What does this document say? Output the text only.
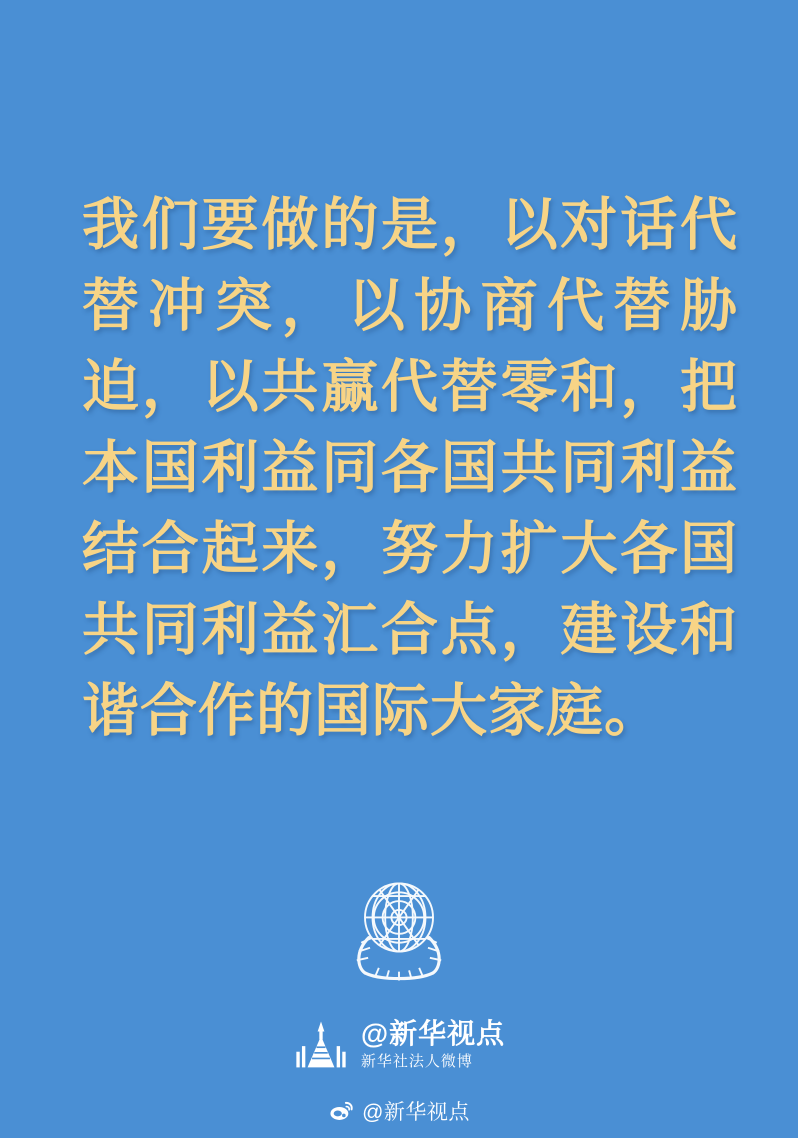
我们要做的是，以对话代替冲突，以协商代替胁迫，以共赢代替零和，把本国利益同各国共同利益结合起来，努力扩大各国共同利益汇合点，建设和谐合作的国际大家庭。

@新华视点
新华社法人微博
@新华视点
